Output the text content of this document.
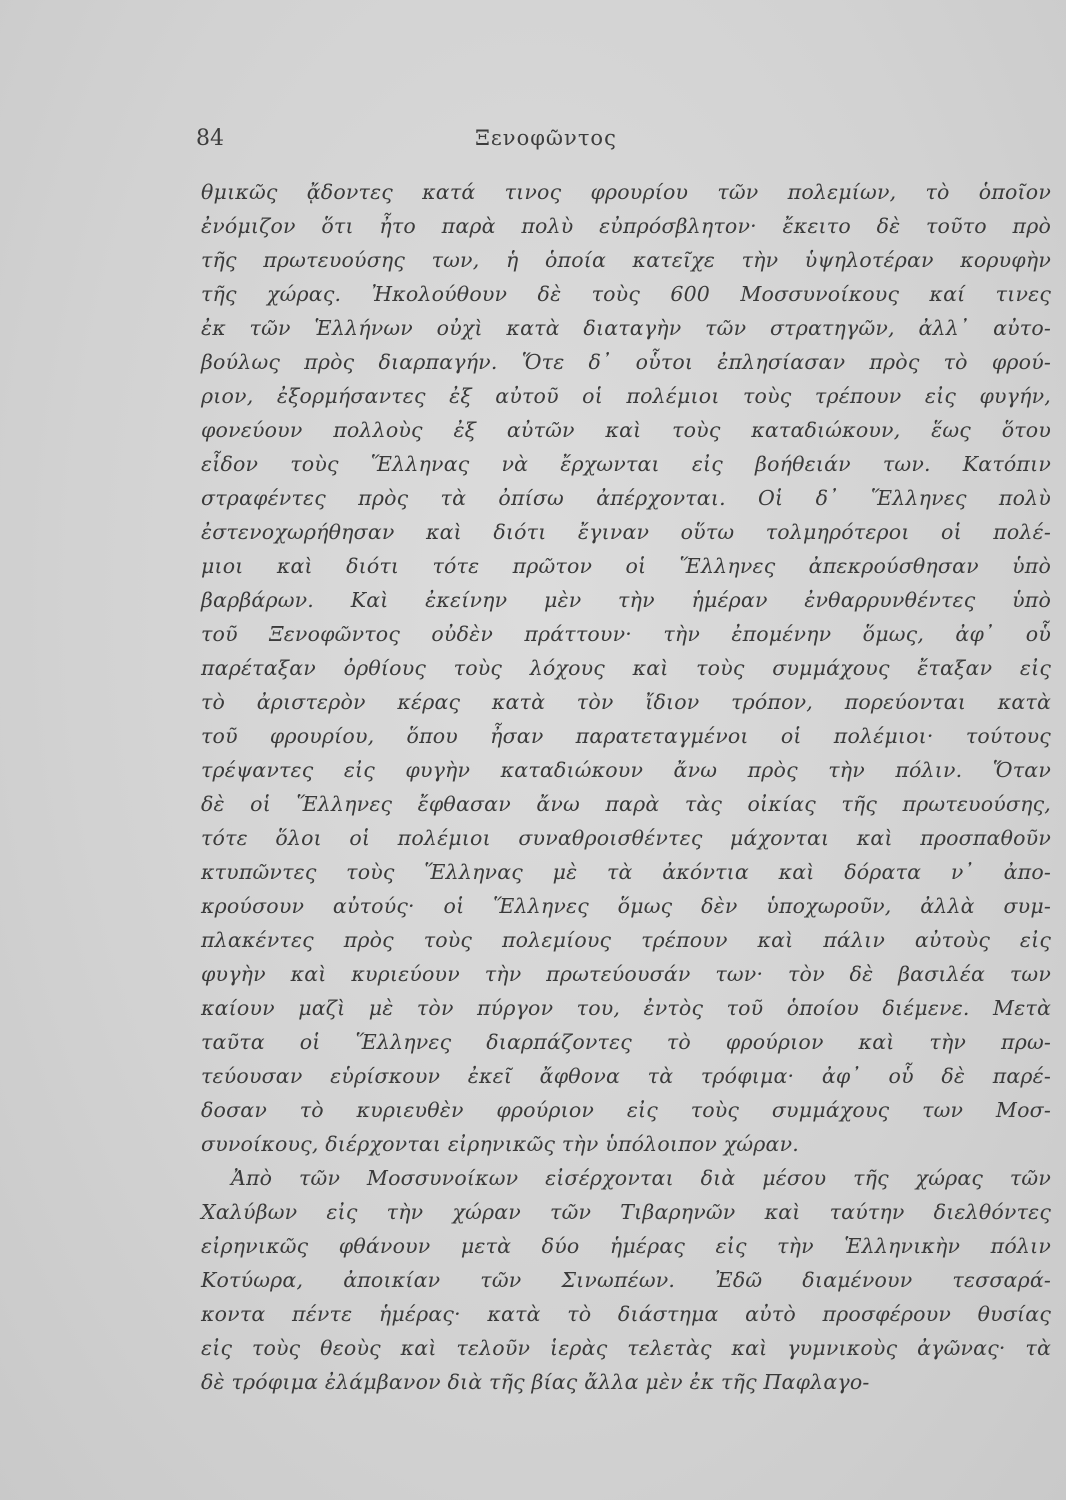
84	Ξενοφῶντος
θμικῶς ᾄδοντες κατά τινος φρουρίου τῶν πολεμίων, τὸ ὁποῖον
ἐνόμιζον ὅτι ἦτο παρὰ πολὺ εὐπρόσβλητον· ἔκειτο δὲ τοῦτο πρὸ
τῆς πρωτευούσης των, ἡ ὁποία κατεῖχε τὴν ὑψηλοτέραν κορυφὴν
τῆς χώρας. Ἠκολούθουν δὲ τοὺς 600 Μοσσυνοίκους καί τινες
ἐκ τῶν Ἑλλήνων οὐχὶ κατὰ διαταγὴν τῶν στρατηγῶν, ἀλλ᾽ αὐτο-
βούλως πρὸς διαρπαγήν. Ὅτε δ᾽ οὗτοι ἐπλησίασαν πρὸς τὸ φρού-
ριον, ἐξορμήσαντες ἐξ αὐτοῦ οἱ πολέμιοι τοὺς τρέπουν εἰς φυγήν,
φονεύουν πολλοὺς ἐξ αὐτῶν καὶ τοὺς καταδιώκουν, ἕως ὅτου
εἶδον τοὺς Ἕλληνας νὰ ἔρχωνται εἰς βοήθειάν των. Κατόπιν
στραφέντες πρὸς τὰ ὀπίσω ἀπέρχονται. Οἱ δ᾽ Ἕλληνες πολὺ
ἐστενοχωρήθησαν καὶ διότι ἔγιναν οὕτω τολμηρότεροι οἱ πολέ-
μιοι καὶ διότι τότε πρῶτον οἱ Ἕλληνες ἀπεκρούσθησαν ὑπὸ
βαρβάρων. Καὶ ἐκείνην μὲν τὴν ἡμέραν ἐνθαρρυνθέντες ὑπὸ
τοῦ Ξενοφῶντος οὐδὲν πράττουν· τὴν ἐπομένην ὅμως, ἀφ᾽ οὗ
παρέταξαν ὀρθίους τοὺς λόχους καὶ τοὺς συμμάχους ἔταξαν εἰς
τὸ ἀριστερὸν κέρας κατὰ τὸν ἴδιον τρόπον, πορεύονται κατὰ
τοῦ φρουρίου, ὅπου ἦσαν παρατεταγμένοι οἱ πολέμιοι· τούτους
τρέψαντες εἰς φυγὴν καταδιώκουν ἄνω πρὸς τὴν πόλιν. Ὅταν
δὲ οἱ Ἕλληνες ἔφθασαν ἄνω παρὰ τὰς οἰκίας τῆς πρωτευούσης,
τότε ὅλοι οἱ πολέμιοι συναθροισθέντες μάχονται καὶ προσπαθοῦν
κτυπῶντες τοὺς Ἕλληνας μὲ τὰ ἀκόντια καὶ δόρατα ν᾽ ἀπο-
κρούσουν αὐτούς· οἱ Ἕλληνες ὅμως δὲν ὑποχωροῦν, ἀλλὰ συμ-
πλακέντες πρὸς τοὺς πολεμίους τρέπουν καὶ πάλιν αὐτοὺς εἰς
φυγὴν καὶ κυριεύουν τὴν πρωτεύουσάν των· τὸν δὲ βασιλέα των
καίουν μαζὶ μὲ τὸν πύργον του, ἐντὸς τοῦ ὁποίου διέμενε. Μετὰ
ταῦτα οἱ Ἕλληνες διαρπάζοντες τὸ φρούριον καὶ τὴν πρω-
τεύουσαν εὑρίσκουν ἐκεῖ ἄφθονα τὰ τρόφιμα· ἀφ᾽ οὗ δὲ παρέ-
δοσαν τὸ κυριευθὲν φρούριον εἰς τοὺς συμμάχους των Μοσ-
συνοίκους, διέρχονται εἰρηνικῶς τὴν ὑπόλοιπον χώραν.
Ἀπὸ τῶν Μοσσυνοίκων εἰσέρχονται διὰ μέσου τῆς χώρας τῶν
Χαλύβων εἰς τὴν χώραν τῶν Τιβαρηνῶν καὶ ταύτην διελθόντες
εἰρηνικῶς φθάνουν μετὰ δύο ἡμέρας εἰς τὴν Ἑλληνικὴν πόλιν
Κοτύωρα, ἀποικίαν τῶν Σινωπέων. Ἐδῶ διαμένουν τεσσαρά-
κοντα πέντε ἡμέρας· κατὰ τὸ διάστημα αὐτὸ προσφέρουν θυσίας
εἰς τοὺς θεοὺς καὶ τελοῦν ἱερὰς τελετὰς καὶ γυμνικοὺς ἀγῶνας· τὰ
δὲ τρόφιμα ἐλάμβανον διὰ τῆς βίας ἄλλα μὲν ἐκ τῆς Παφλαγο-
